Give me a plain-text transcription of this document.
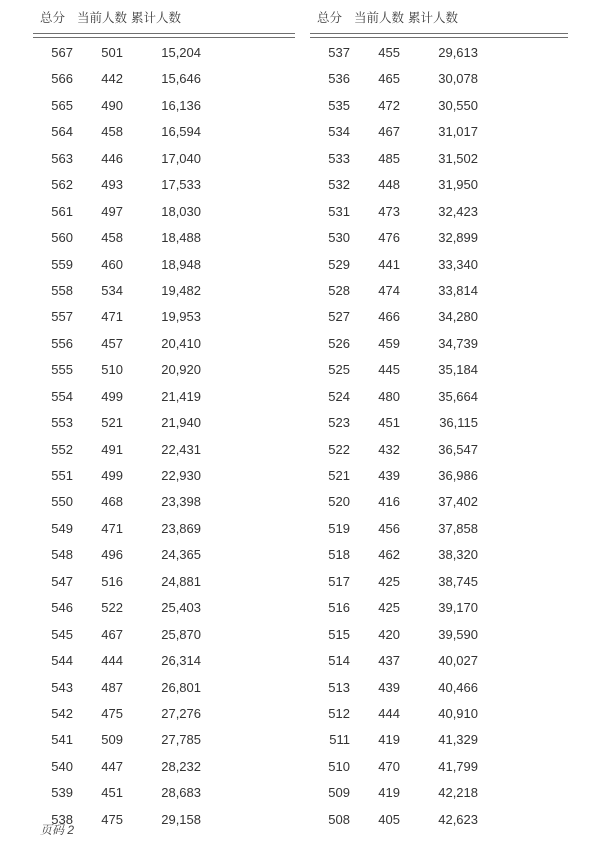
总分 当前人数 累计人数
567	501	15,204
566	442	15,646
565	490	16,136
564	458	16,594
563	446	17,040
562	493	17,533
561	497	18,030
560	458	18,488
559	460	18,948
558	534	19,482
557	471	19,953
556	457	20,410
555	510	20,920
554	499	21,419
553	521	21,940
552	491	22,431
551	499	22,930
550	468	23,398
549	471	23,869
548	496	24,365
547	516	24,881
546	522	25,403
545	467	25,870
544	444	26,314
543	487	26,801
542	475	27,276
541	509	27,785
540	447	28,232
539	451	28,683
538	475	29,158
总分 当前人数 累计人数
537	455	29,613
536	465	30,078
535	472	30,550
534	467	31,017
533	485	31,502
532	448	31,950
531	473	32,423
530	476	32,899
529	441	33,340
528	474	33,814
527	466	34,280
526	459	34,739
525	445	35,184
524	480	35,664
523	451	36,115
522	432	36,547
521	439	36,986
520	416	37,402
519	456	37,858
518	462	38,320
517	425	38,745
516	425	39,170
515	420	39,590
514	437	40,027
513	439	40,466
512	444	40,910
511	419	41,329
510	470	41,799
509	419	42,218
508	405	42,623
页码 2
